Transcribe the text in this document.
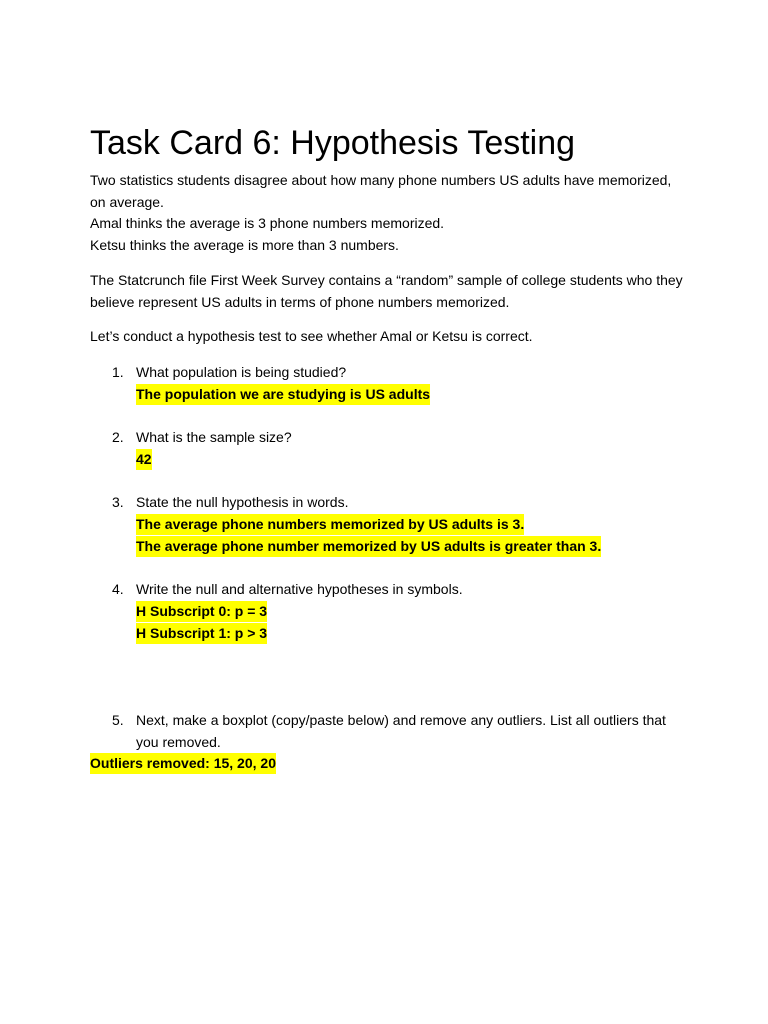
Task Card 6: Hypothesis Testing

Two statistics students disagree about how many phone numbers US adults have memorized,
on average.
Amal thinks the average is 3 phone numbers memorized.
Ketsu thinks the average is more than 3 numbers.

The Statcrunch file First Week Survey contains a “random” sample of college students who they
believe represent US adults in terms of phone numbers memorized.

Let’s conduct a hypothesis test to see whether Amal or Ketsu is correct.

1. What population is being studied?
The population we are studying is US adults
2. What is the sample size?
42
3. State the null hypothesis in words.
The average phone numbers memorized by US adults is 3.
The average phone number memorized by US adults is greater than 3.
4. Write the null and alternative hypotheses in symbols.
H Subscript 0: p = 3
H Subscript 1: p > 3
5. Next, make a boxplot (copy/paste below) and remove any outliers. List all outliers that
you removed.
Outliers removed: 15, 20, 20
